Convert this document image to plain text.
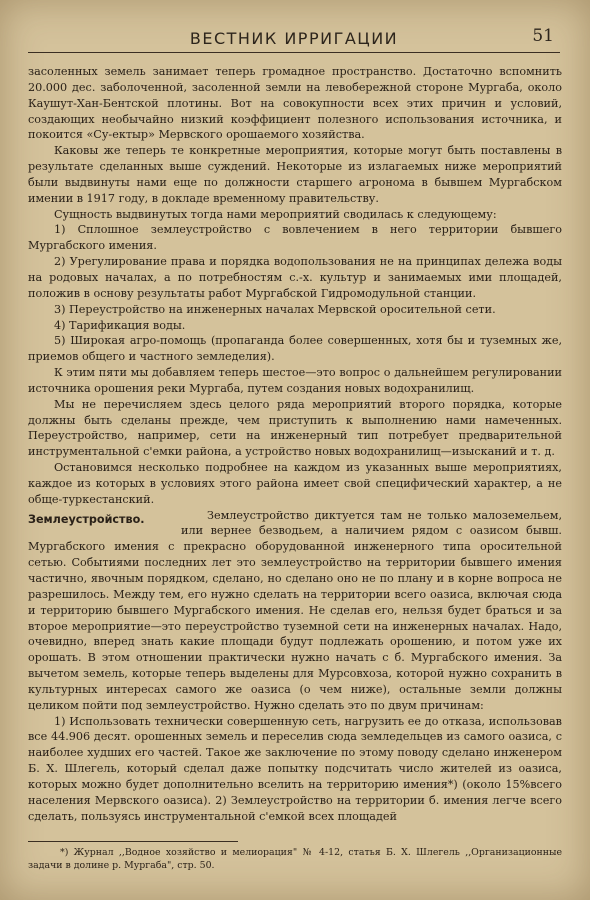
ВЕСТНИК ИРРИГАЦИИ	51

засоленных земель занимает теперь громадное пространство. Достаточно вспомнить 20.000 дес. заболоченной, засоленной земли на левобережной стороне Мургаба, около Каушут-Хан-Бентской плотины. Вот на совокупности всех этих причин и условий, создающих необычайно низкий коэффициент полезного использования источника, и покоится «Су-ектыр» Мервского орошаемого хозяйства.

Каковы же теперь те конкретные мероприятия, которые могут быть поставлены в результате сделанных выше суждений. Некоторые из излагаемых ниже мероприятий были выдвинуты нами еще по должности старшего агронома в бывшем Мургабском имении в 1917 году, в докладе временному правительству.

Сущность выдвинутых тогда нами мероприятий сводилась к следующему:

1) Сплошное землеустройство с вовлечением в него территории бывшего Мургабского имения.

2) Урегулирование права и порядка водопользования не на принципах дележа воды на родовых началах, а по потребностям с.-х. культур и занимаемых ими площадей, положив в основу результаты работ Мургабской Гидромодульной станции.

3) Переустройство на инженерных началах Мервской оросительной сети.

4) Тарификация воды.

5) Широкая агро-помощь (пропаганда более совершенных, хотя бы и туземных же, приемов общего и частного земледелия).

К этим пяти мы добавляем теперь шестое—это вопрос о дальнейшем регулировании источника орошения реки Мургаба, путем создания новых водохранилищ.

Мы не перечисляем здесь целого ряда мероприятий второго порядка, которые должны быть сделаны прежде, чем приступить к выполнению нами намеченных. Переустройство, например, сети на инженерный тип потребует предварительной инструментальной с'емки района, а устройство новых водохранилищ—изысканий и т. д.

Остановимся несколько подробнее на каждом из указанных выше мероприятиях, каждое из которых в условиях этого района имеет свой специфический характер, а не обще-туркестанский.

Землеустройство.	Землеустройство диктуется там не только малоземельем, или вернее безводьем, а наличием рядом с оазисом бывш. Мургабского имения с прекрасно оборудованной инженерного типа оросительной сетью. Событиями последних лет это землеустройство на территории бывшего имения частично, явочным порядком, сделано, но сделано оно не по плану и в корне вопроса не разрешилось. Между тем, его нужно сделать на территории всего оазиса, включая сюда и территорию бывшего Мургабского имения. Не сделав его, нельзя будет браться и за второе мероприятие—это переустройство туземной сети на инженерных началах. Надо, очевидно, вперед знать какие площади будут подлежать орошению, и потом уже их орошать. В этом отношении практически нужно начать с б. Мургабского имения. За вычетом земель, которые теперь выделены для Мурсовхоза, которой нужно сохранить в культурных интересах самого же оазиса (о чем ниже), остальные земли должны целиком пойти под землеустройство. Нужно сделать это по двум причинам:

1) Использовать технически совершенную сеть, нагрузить ее до отказа, использовав все 44.906 десят. орошенных земель и переселив сюда земледельцев из самого оазиса, с наиболее худших его частей. Такое же заключение по этому поводу сделано инженером Б. Х. Шлегель, который сделал даже попытку подсчитать число жителей из оазиса, которых можно будет дополнительно вселить на территорию имения*) (около 15%всего населения Мервского оазиса). 2) Землеустройство на территории б. имения легче всего сделать, пользуясь инструментальной с'емкой всех площадей

*) Журнал ,,Водное хозяйство и мелиорация" № 4-12, статья Б. Х. Шлегель ,,Организационные задачи в долине р. Мургаба", стр. 50.
